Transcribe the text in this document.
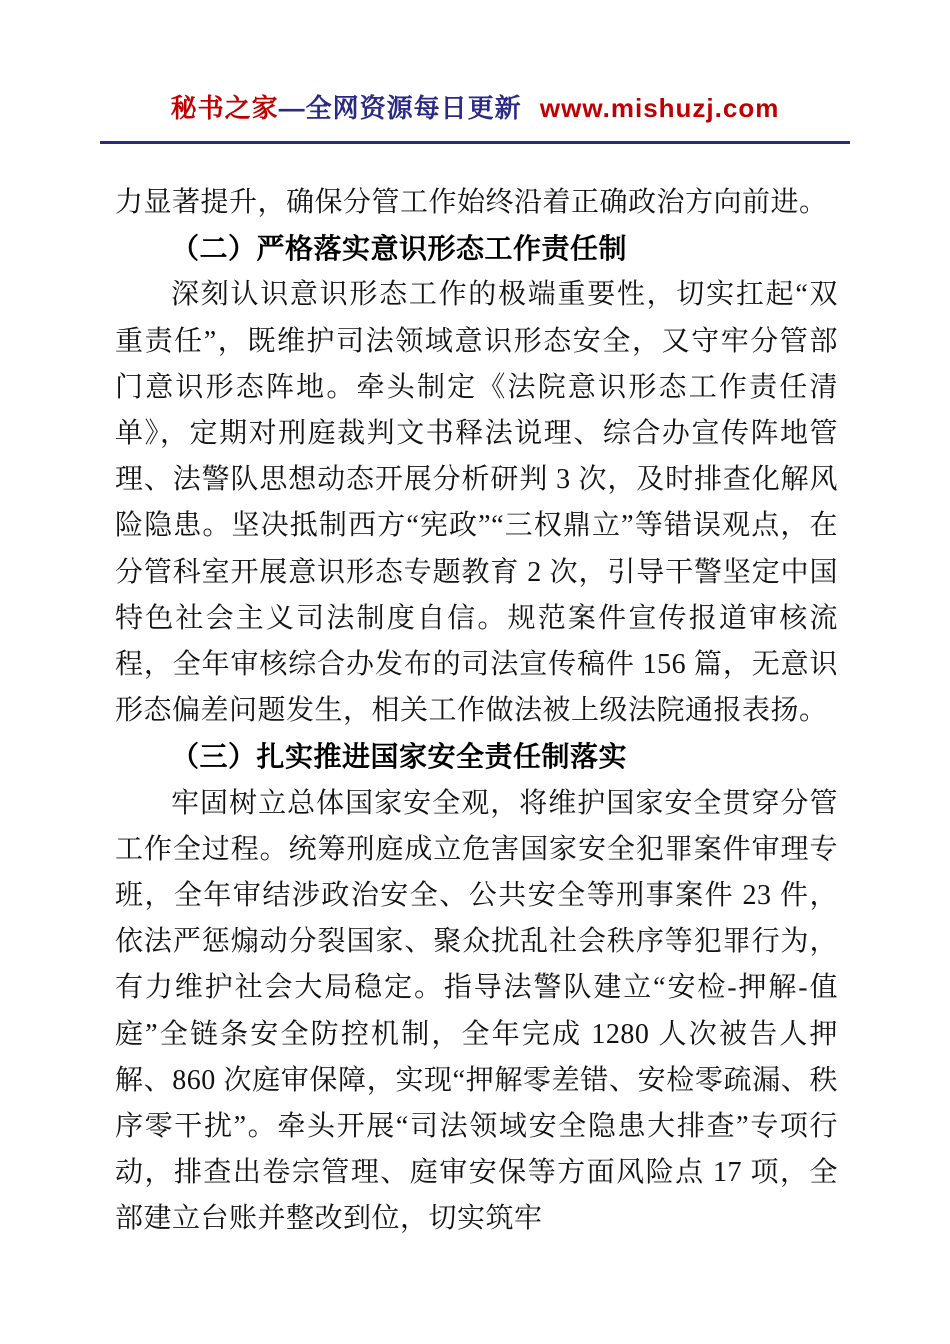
秘书之家—全网资源每日更新 www.mishuzj.com

力显著提升，确保分管工作始终沿着正确政治方向前进。

（二）严格落实意识形态工作责任制

深刻认识意识形态工作的极端重要性，切实扛起“双重责任”，既维护司法领域意识形态安全，又守牢分管部门意识形态阵地。牵头制定《法院意识形态工作责任清单》，定期对刑庭裁判文书释法说理、综合办宣传阵地管理、法警队思想动态开展分析研判 3 次，及时排查化解风险隐患。坚决抵制西方“宪政”“三权鼎立”等错误观点，在分管科室开展意识形态专题教育 2 次，引导干警坚定中国特色社会主义司法制度自信。规范案件宣传报道审核流程，全年审核综合办发布的司法宣传稿件 156 篇，无意识形态偏差问题发生，相关工作做法被上级法院通报表扬。

（三）扎实推进国家安全责任制落实

牢固树立总体国家安全观，将维护国家安全贯穿分管工作全过程。统筹刑庭成立危害国家安全犯罪案件审理专班，全年审结涉政治安全、公共安全等刑事案件 23 件，依法严惩煽动分裂国家、聚众扰乱社会秩序等犯罪行为，有力维护社会大局稳定。指导法警队建立“安检-押解-值庭”全链条安全防控机制，全年完成 1280 人次被告人押解、860 次庭审保障，实现“押解零差错、安检零疏漏、秩序零干扰”。牵头开展“司法领域安全隐患大排查”专项行动，排查出卷宗管理、庭审安保等方面风险点 17 项，全部建立台账并整改到位，切实筑牢
